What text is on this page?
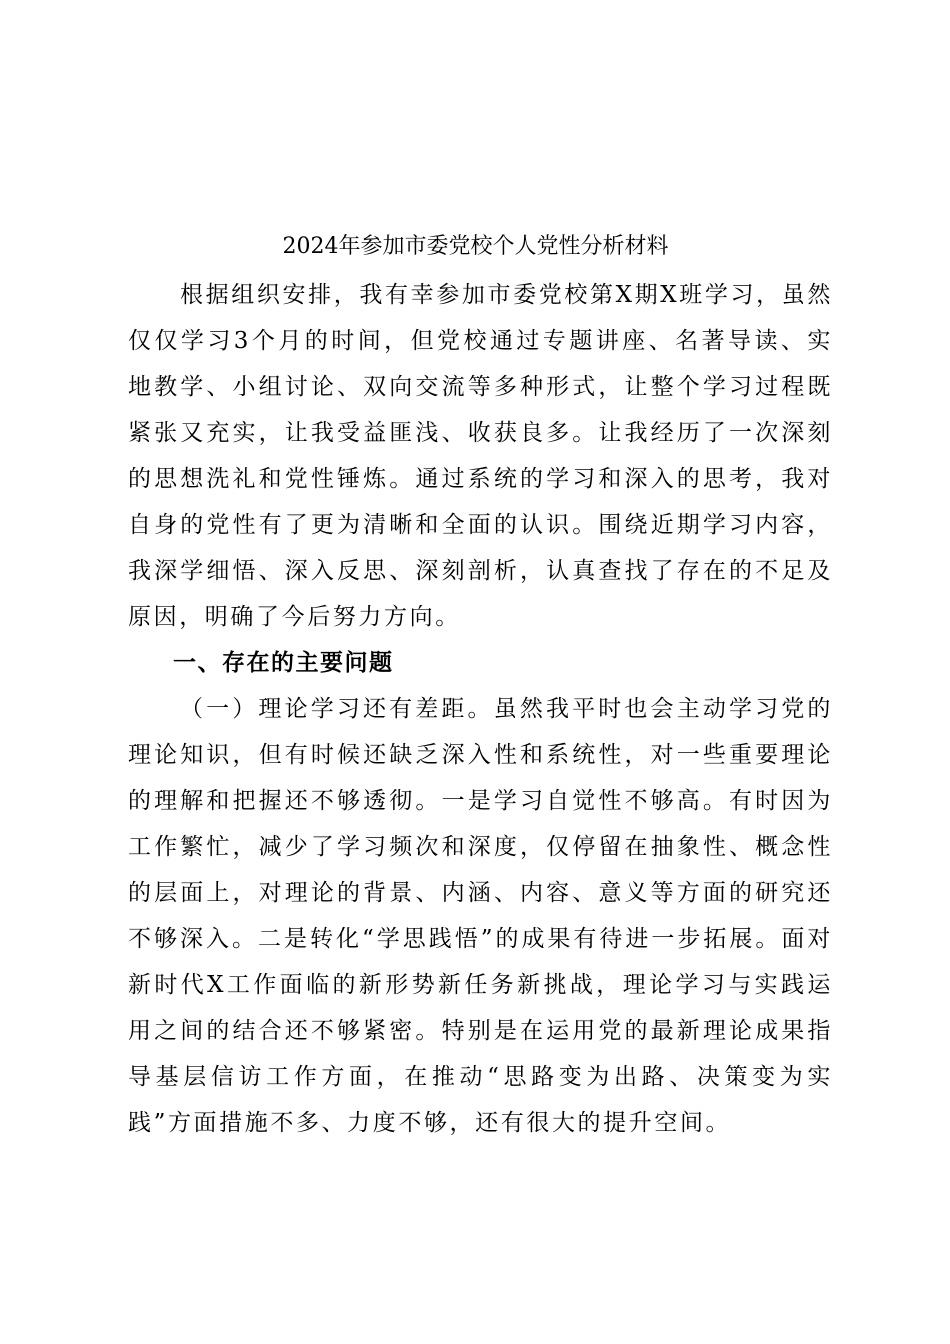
2024年参加市委党校个人党性分析材料

根据组织安排，我有幸参加市委党校第X期X班学习，虽然仅仅学习3个月的时间，但党校通过专题讲座、名著导读、实地教学、小组讨论、双向交流等多种形式，让整个学习过程既紧张又充实，让我受益匪浅、收获良多。让我经历了一次深刻的思想洗礼和党性锤炼。通过系统的学习和深入的思考，我对自身的党性有了更为清晰和全面的认识。围绕近期学习内容，我深学细悟、深入反思、深刻剖析，认真查找了存在的不足及原因，明确了今后努力方向。

一、存在的主要问题

（一）理论学习还有差距。虽然我平时也会主动学习党的理论知识，但有时候还缺乏深入性和系统性，对一些重要理论的理解和把握还不够透彻。一是学习自觉性不够高。有时因为工作繁忙，减少了学习频次和深度，仅停留在抽象性、概念性的层面上，对理论的背景、内涵、内容、意义等方面的研究还不够深入。二是转化“学思践悟”的成果有待进一步拓展。面对新时代X工作面临的新形势新任务新挑战，理论学习与实践运用之间的结合还不够紧密。特别是在运用党的最新理论成果指导基层信访工作方面，在推动“思路变为出路、决策变为实践”方面措施不多、力度不够，还有很大的提升空间。
